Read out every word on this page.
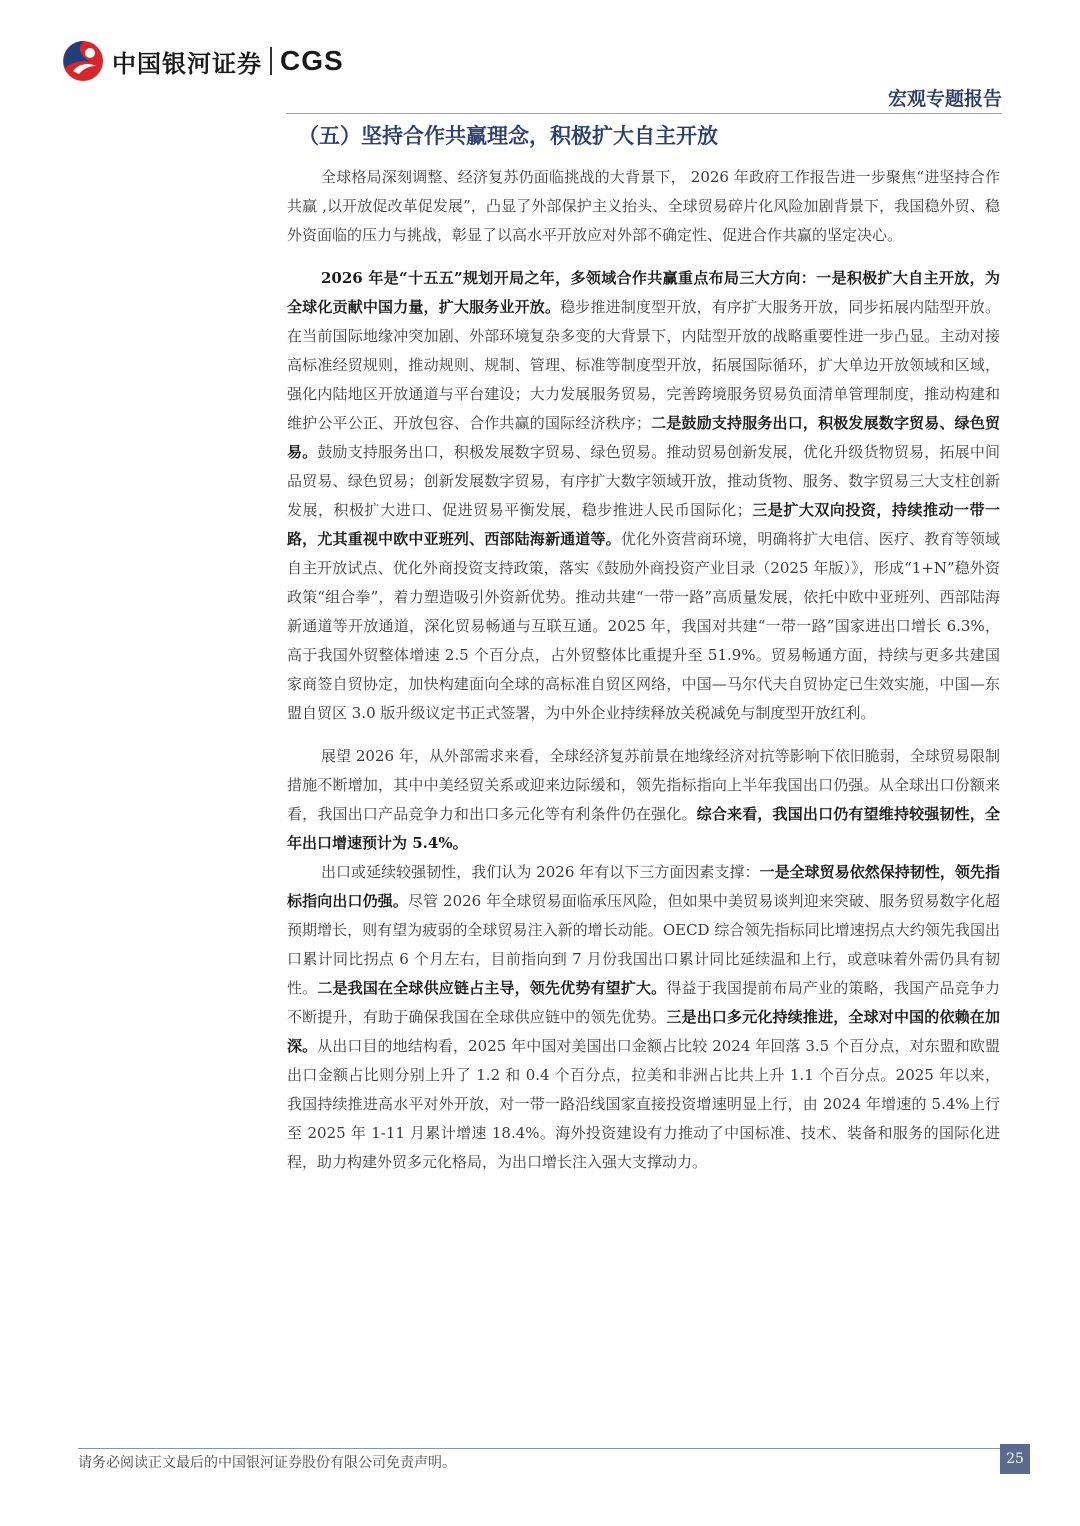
中国银河证券 CGS
宏观专题报告
（五）坚持合作共赢理念，积极扩大自主开放

全球格局深刻调整、经济复苏仍面临挑战的大背景下， 2026 年政府工作报告进一步聚焦“进坚持合作共赢 ,以开放促改革促发展”，凸显了外部保护主义抬头、全球贸易碎片化风险加剧背景下，我国稳外贸、稳外资面临的压力与挑战，彰显了以高水平开放应对外部不确定性、促进合作共赢的坚定决心。

2026 年是“十五五”规划开局之年，多领域合作共赢重点布局三大方向：一是积极扩大自主开放，为全球化贡献中国力量，扩大服务业开放。稳步推进制度型开放，有序扩大服务开放，同步拓展内陆型开放。在当前国际地缘冲突加剧、外部环境复杂多变的大背景下，内陆型开放的战略重要性进一步凸显。主动对接高标准经贸规则，推动规则、规制、管理、标准等制度型开放，拓展国际循环，扩大单边开放领域和区域，强化内陆地区开放通道与平台建设；大力发展服务贸易，完善跨境服务贸易负面清单管理制度，推动构建和维护公平公正、开放包容、合作共赢的国际经济秩序；二是鼓励支持服务出口，积极发展数字贸易、绿色贸易。鼓励支持服务出口，积极发展数字贸易、绿色贸易。推动贸易创新发展，优化升级货物贸易，拓展中间品贸易、绿色贸易；创新发展数字贸易，有序扩大数字领域开放，推动货物、服务、数字贸易三大支柱创新发展，积极扩大进口、促进贸易平衡发展，稳步推进人民币国际化；三是扩大双向投资，持续推动一带一路，尤其重视中欧中亚班列、西部陆海新通道等。优化外资营商环境，明确将扩大电信、医疗、教育等领域自主开放试点、优化外商投资支持政策，落实《鼓励外商投资产业目录（2025 年版）》，形成“1+N”稳外资政策“组合拳”，着力塑造吸引外资新优势。推动共建“一带一路”高质量发展，依托中欧中亚班列、西部陆海新通道等开放通道，深化贸易畅通与互联互通。2025 年，我国对共建“一带一路”国家进出口增长 6.3%，高于我国外贸整体增速 2.5 个百分点，占外贸整体比重提升至 51.9%。贸易畅通方面，持续与更多共建国家商签自贸协定，加快构建面向全球的高标准自贸区网络，中国—马尔代夫自贸协定已生效实施，中国—东盟自贸区 3.0 版升级议定书正式签署，为中外企业持续释放关税减免与制度型开放红利。

展望 2026 年，从外部需求来看，全球经济复苏前景在地缘经济对抗等影响下依旧脆弱，全球贸易限制措施不断增加，其中中美经贸关系或迎来边际缓和，领先指标指向上半年我国出口仍强。从全球出口份额来看，我国出口产品竞争力和出口多元化等有利条件仍在强化。综合来看，我国出口仍有望维持较强韧性，全年出口增速预计为 5.4%。

出口或延续较强韧性，我们认为 2026 年有以下三方面因素支撑：一是全球贸易依然保持韧性，领先指标指向出口仍强。尽管 2026 年全球贸易面临承压风险，但如果中美贸易谈判迎来突破、服务贸易数字化超预期增长，则有望为疲弱的全球贸易注入新的增长动能。OECD 综合领先指标同比增速拐点大约领先我国出口累计同比拐点 6 个月左右，目前指向到 7 月份我国出口累计同比延续温和上行，或意味着外需仍具有韧性。二是我国在全球供应链占主导，领先优势有望扩大。得益于我国提前布局产业的策略，我国产品竞争力不断提升，有助于确保我国在全球供应链中的领先优势。三是出口多元化持续推进，全球对中国的依赖在加深。从出口目的地结构看，2025 年中国对美国出口金额占比较 2024 年回落 3.5 个百分点，对东盟和欧盟出口金额占比则分别上升了 1.2 和 0.4 个百分点，拉美和非洲占比共上升 1.1 个百分点。2025 年以来，我国持续推进高水平对外开放，对一带一路沿线国家直接投资增速明显上行，由 2024 年增速的 5.4%上行至 2025 年 1-11 月累计增速 18.4%。海外投资建设有力推动了中国标准、技术、装备和服务的国际化进程，助力构建外贸多元化格局，为出口增长注入强大支撑动力。

请务必阅读正文最后的中国银河证券股份有限公司免责声明。	25
